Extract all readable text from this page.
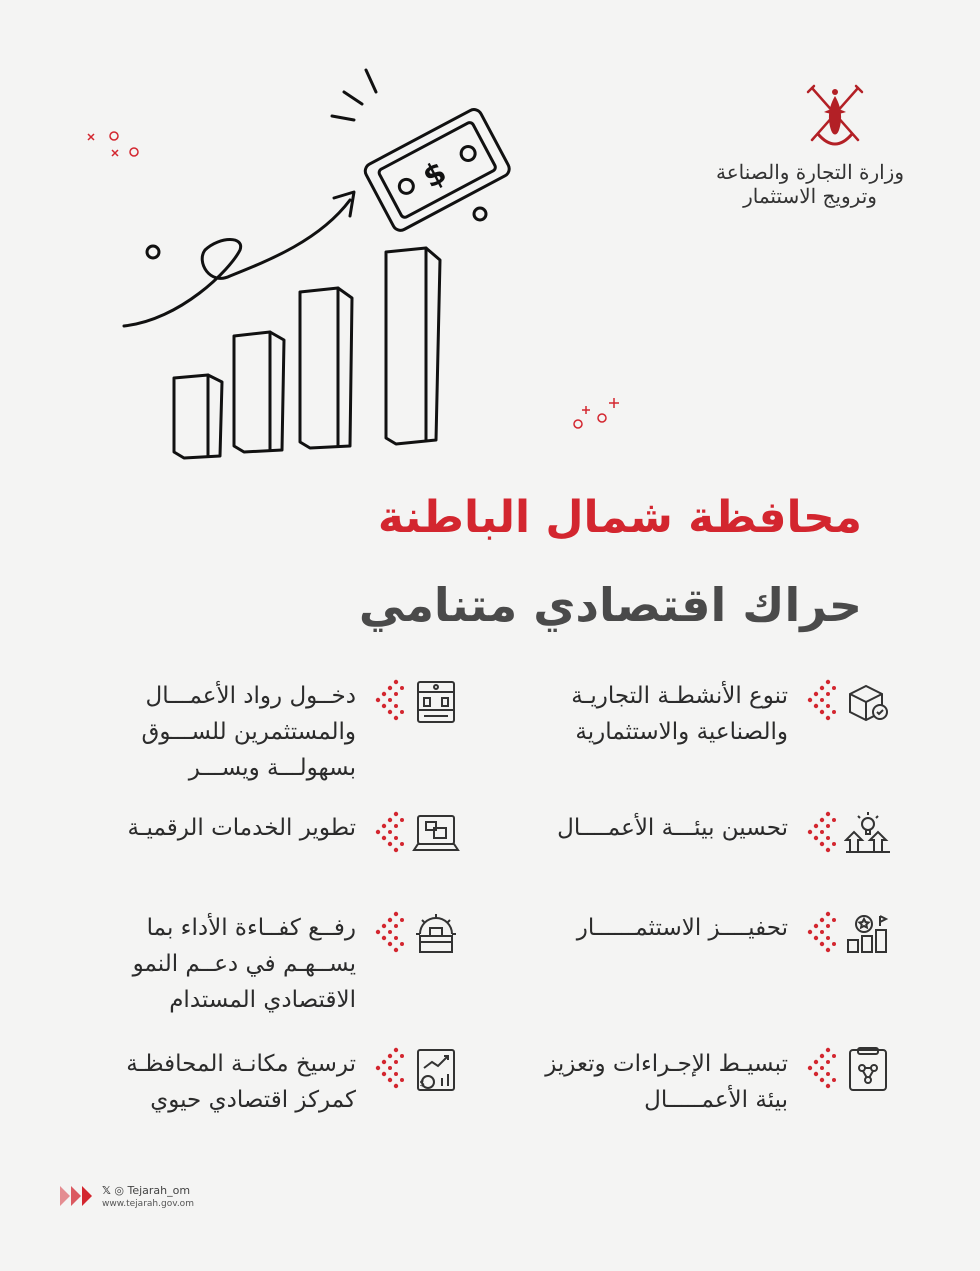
وزارة التجارة والصناعة
وترويج الاستثمار
$
محافظة شمال الباطنة
حراك اقتصادي متنامي
تنوع الأنشطـة التجاريـة
والصناعية والاستثمارية
تحسين بيئـــة الأعمــــال
تحفيــــز الاستثمــــــار
تبسيـط الإجـراءات وتعزيز
بيئة الأعمـــــال
دخــول رواد الأعمـــال
والمستثمرين للســـوق
بسهولـــة ويســـر
تطوير الخدمات الرقميـة
رفــع كفــاءة الأداء بما
يســهـم في دعــم النمو
الاقتصادي المستدام
$
ترسيخ مكانـة المحافظـة
كمركز اقتصادي حيوي
𝕏 ◎ Tejarah_om
www.tejarah.gov.om
